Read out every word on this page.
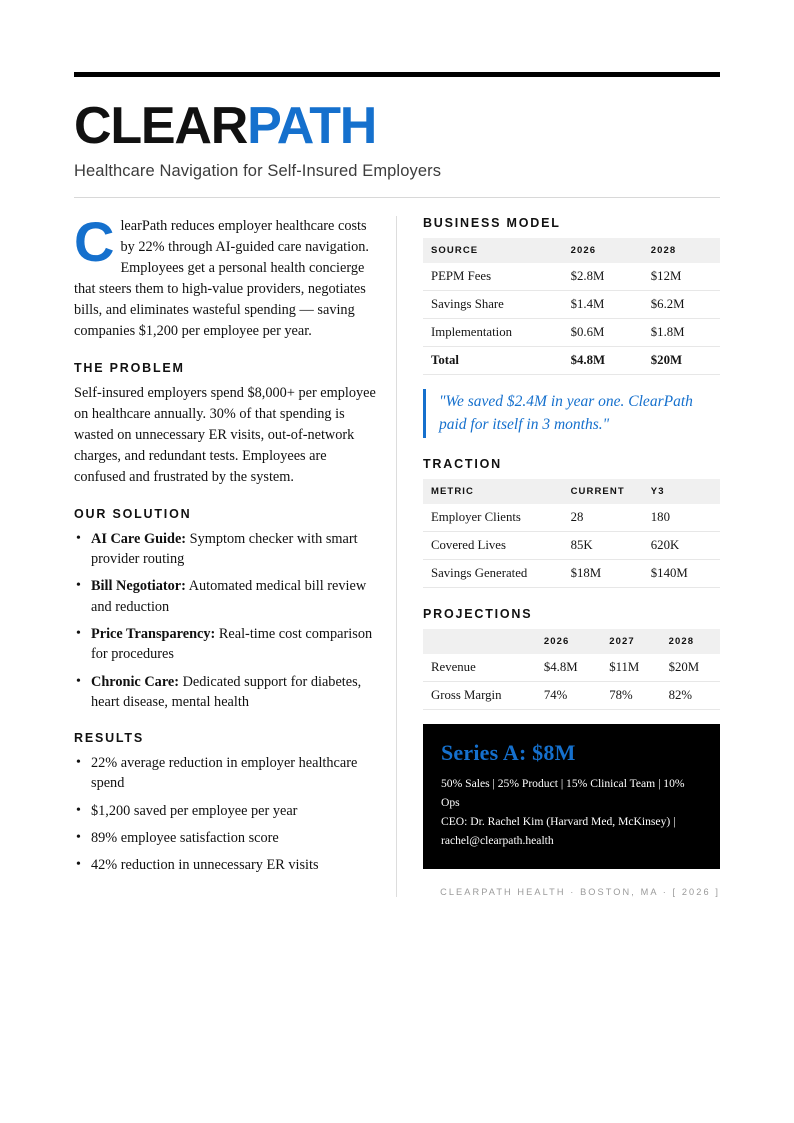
CLEARPATH
Healthcare Navigation for Self-Insured Employers

ClearPath reduces employer healthcare costs by 22% through AI-guided care navigation. Employees get a personal health concierge that steers them to high-value providers, negotiates bills, and eliminates wasteful spending — saving companies $1,200 per employee per year.

THE PROBLEM

Self-insured employers spend $8,000+ per employee on healthcare annually. 30% of that spending is wasted on unnecessary ER visits, out-of-network charges, and redundant tests. Employees are confused and frustrated by the system.

OUR SOLUTION
• AI Care Guide: Symptom checker with smart provider routing
• Bill Negotiator: Automated medical bill review and reduction
• Price Transparency: Real-time cost comparison for procedures
• Chronic Care: Dedicated support for diabetes, heart disease, mental health
RESULTS
• 22% average reduction in employer healthcare spend
• $1,200 saved per employee per year
• 89% employee satisfaction score
• 42% reduction in unnecessary ER visits
BUSINESS MODEL
SOURCE	2026	2028
PEPM Fees	$2.8M	$12M
Savings Share	$1.4M	$6.2M
Implementation	$0.6M	$1.8M
Total	$4.8M	$20M
"We saved $2.4M in year one. ClearPath paid for itself in 3 months."
TRACTION
METRIC	CURRENT	Y3
Employer Clients	28	180
Covered Lives	85K	620K
Savings Generated	$18M	$140M
PROJECTIONS
	2026	2027	2028
Revenue	$4.8M	$11M	$20M
Gross Margin	74%	78%	82%
Series A: $8M
50% Sales | 25% Product | 15% Clinical Team | 10% Ops
CEO: Dr. Rachel Kim (Harvard Med, McKinsey) |
rachel@clearpath.health
CLEARPATH HEALTH · BOSTON, MA · [ 2026 ]
